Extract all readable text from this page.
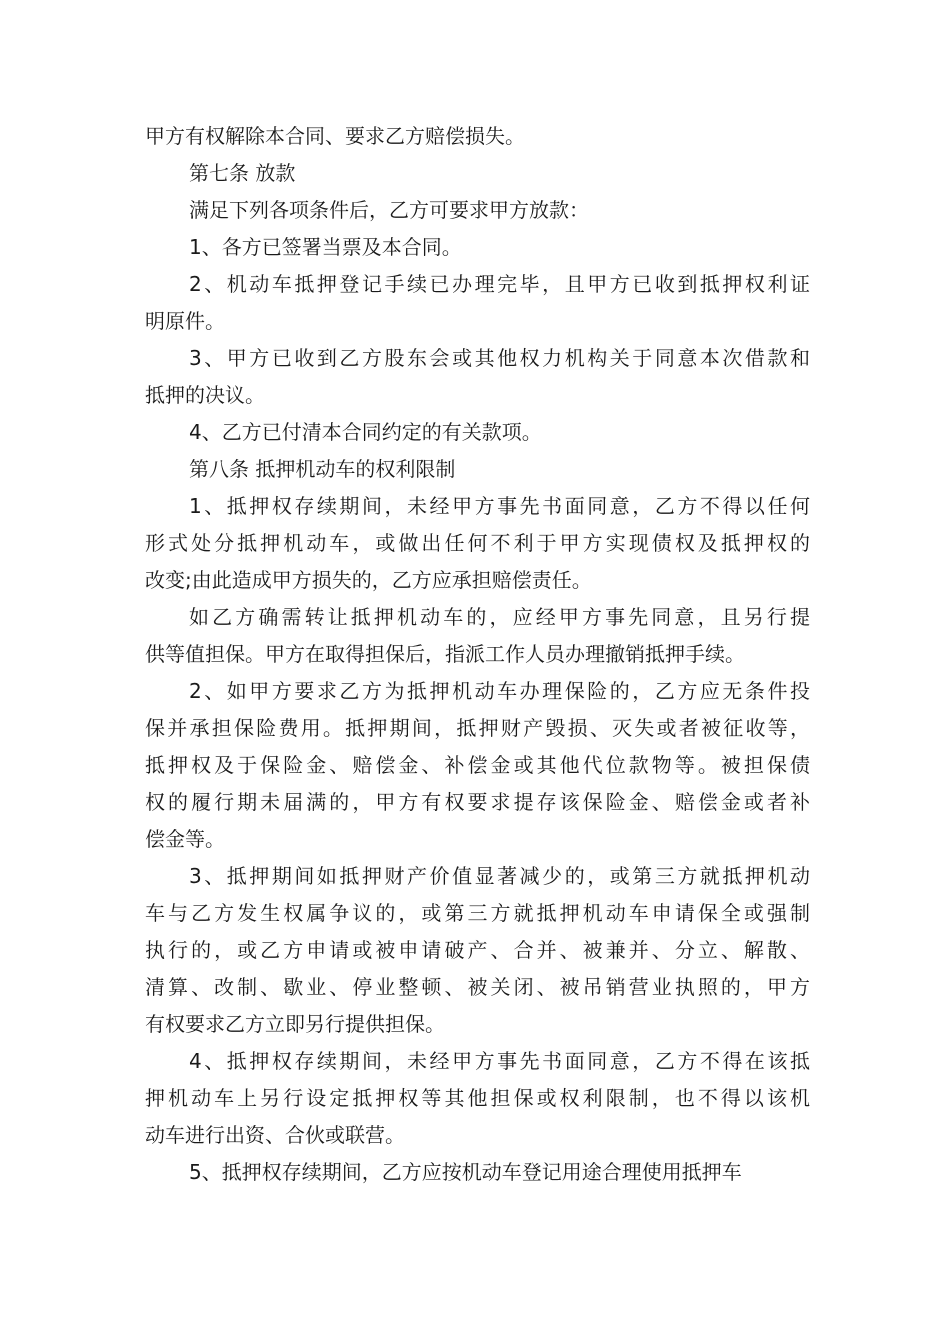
甲方有权解除本合同、要求乙方赔偿损失。
第七条 放款
满足下列各项条件后，乙方可要求甲方放款：
1、各方已签署当票及本合同。
2、机动车抵押登记手续已办理完毕，且甲方已收到抵押权利证
明原件。
3、甲方已收到乙方股东会或其他权力机构关于同意本次借款和
抵押的决议。
4、乙方已付清本合同约定的有关款项。
第八条 抵押机动车的权利限制
1、抵押权存续期间，未经甲方事先书面同意，乙方不得以任何
形式处分抵押机动车，或做出任何不利于甲方实现债权及抵押权的
改变;由此造成甲方损失的，乙方应承担赔偿责任。
如乙方确需转让抵押机动车的，应经甲方事先同意，且另行提
供等值担保。甲方在取得担保后，指派工作人员办理撤销抵押手续。
2、如甲方要求乙方为抵押机动车办理保险的，乙方应无条件投
保并承担保险费用。抵押期间，抵押财产毁损、灭失或者被征收等，
抵押权及于保险金、赔偿金、补偿金或其他代位款物等。被担保债
权的履行期未届满的，甲方有权要求提存该保险金、赔偿金或者补
偿金等。
3、抵押期间如抵押财产价值显著减少的，或第三方就抵押机动
车与乙方发生权属争议的，或第三方就抵押机动车申请保全或强制
执行的，或乙方申请或被申请破产、合并、被兼并、分立、解散、
清算、改制、歇业、停业整顿、被关闭、被吊销营业执照的，甲方
有权要求乙方立即另行提供担保。
4、抵押权存续期间，未经甲方事先书面同意，乙方不得在该抵
押机动车上另行设定抵押权等其他担保或权利限制，也不得以该机
动车进行出资、合伙或联营。
5、抵押权存续期间，乙方应按机动车登记用途合理使用抵押车
